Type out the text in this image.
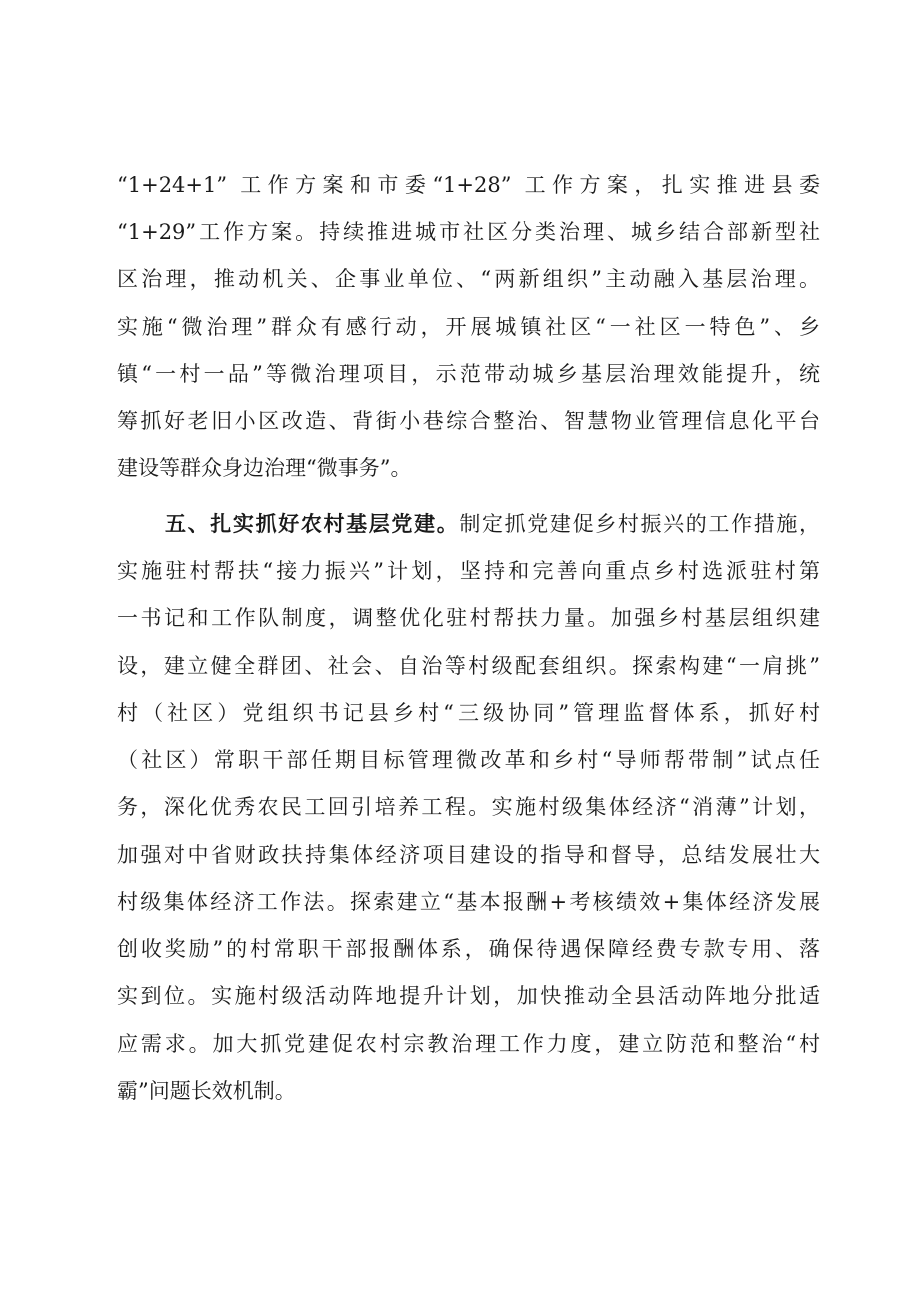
“1+24+1” 工作方案和市委“1+28” 工作方案，扎实推进县委
“1+29”工作方案。持续推进城市社区分类治理、城乡结合部新型社
区治理，推动机关、企事业单位、“两新组织”主动融入基层治理。
实施“微治理”群众有感行动，开展城镇社区“一社区一特色”、乡
镇“一村一品”等微治理项目，示范带动城乡基层治理效能提升，统
筹抓好老旧小区改造、背街小巷综合整治、智慧物业管理信息化平台
建设等群众身边治理“微事务”。
五、扎实抓好农村基层党建。制定抓党建促乡村振兴的工作措施，
实施驻村帮扶“接力振兴”计划，坚持和完善向重点乡村选派驻村第
一书记和工作队制度，调整优化驻村帮扶力量。加强乡村基层组织建
设，建立健全群团、社会、自治等村级配套组织。探索构建“一肩挑”
村（社区）党组织书记县乡村“三级协同”管理监督体系，抓好村
（社区）常职干部任期目标管理微改革和乡村“导师帮带制”试点任
务，深化优秀农民工回引培养工程。实施村级集体经济“消薄”计划，
加强对中省财政扶持集体经济项目建设的指导和督导，总结发展壮大
村级集体经济工作法。探索建立“基本报酬+考核绩效+集体经济发展
创收奖励”的村常职干部报酬体系，确保待遇保障经费专款专用、落
实到位。实施村级活动阵地提升计划，加快推动全县活动阵地分批适
应需求。加大抓党建促农村宗教治理工作力度，建立防范和整治“村
霸”问题长效机制。
